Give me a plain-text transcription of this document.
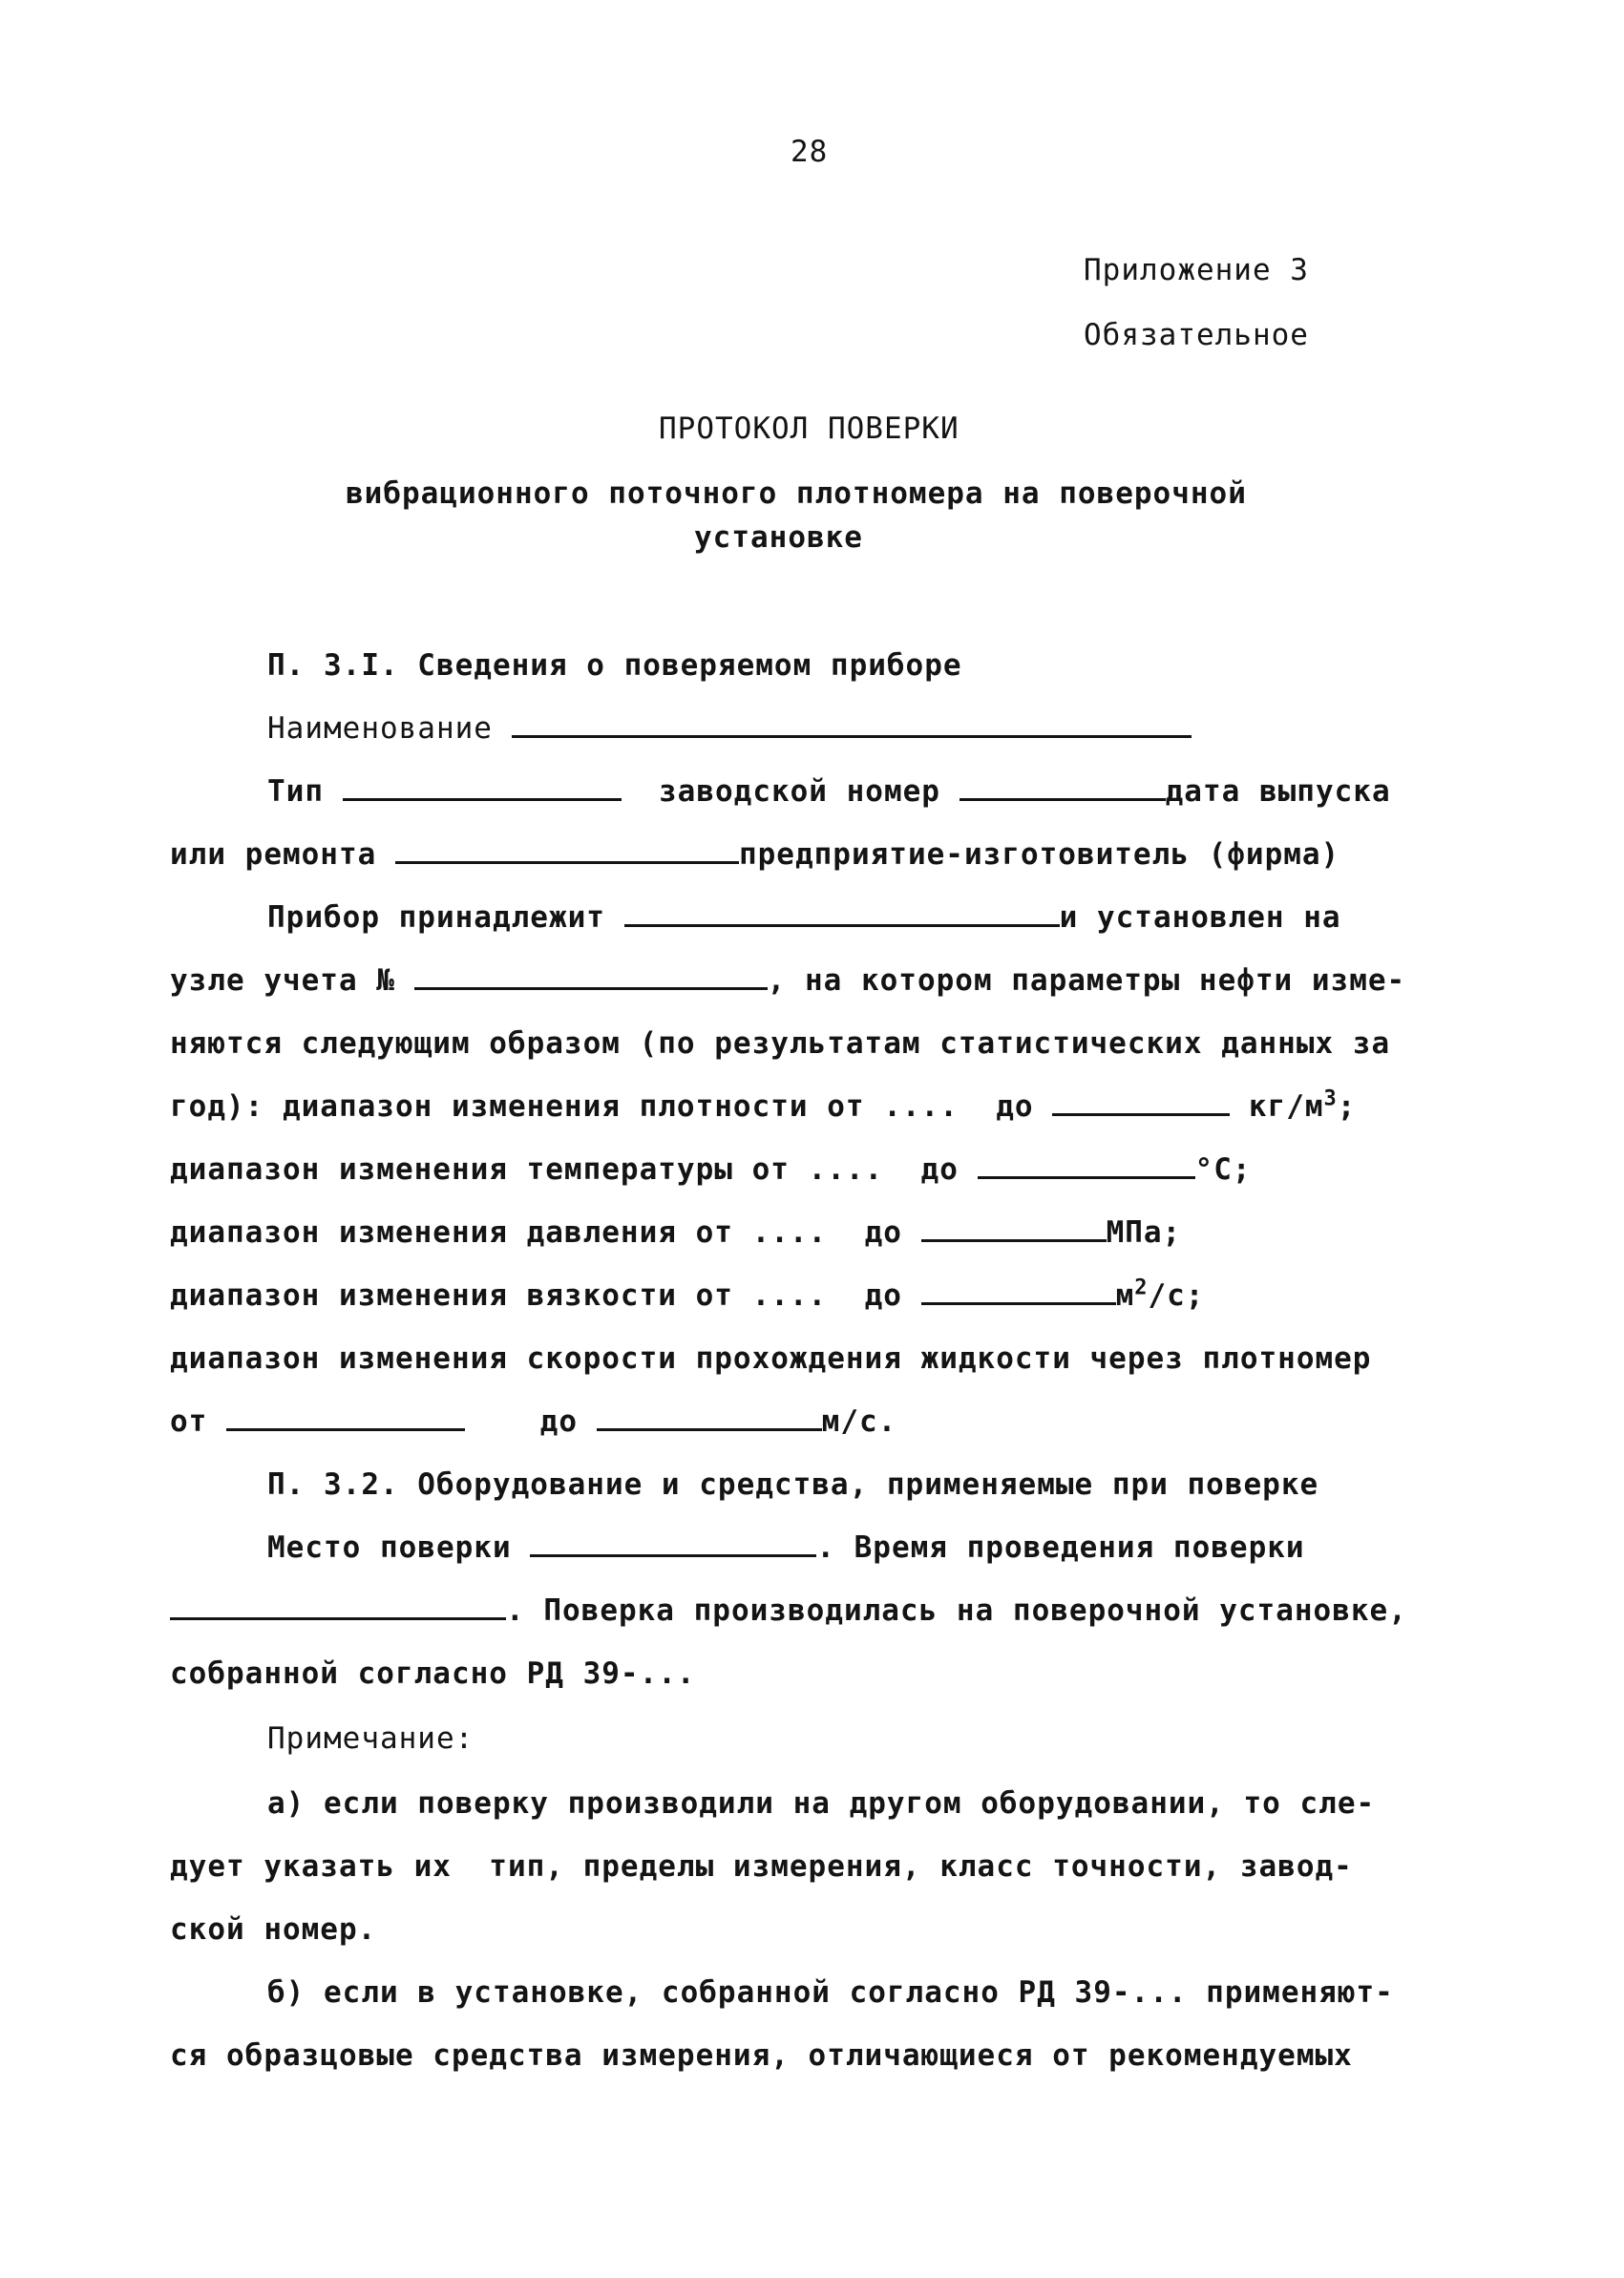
28
Приложение 3
Обязательное
ПРОТОКОЛ ПОВЕРКИ
вибрационного поточного плотномера на поверочной
установке
П. 3.I. Сведения о поверяемом приборе
Наименование
Тип	заводской номер	дата выпуска
или ремонта	предприятие-изготовитель (фирма)
Прибор принадлежит	и установлен на
узле учета №	, на котором параметры нефти изме-
няются следующим образом (по результатам статистических данных за
год): диапазон изменения плотности от .... до	$кг/м^3$;
диапазон изменения температуры от .... до	°С;
диапазон изменения давления от .... до	МПа;
диапазон изменения вязкости от .... до	$м^2/с$;
диапазон изменения скорости прохождения жидкости через плотномер
от	до	м/с.
П. 3.2. Оборудование и средства, применяемые при поверке
Место поверки	. Время проведения поверки
. Поверка производилась на поверочной установке,
собранной согласно РД 39-...
Примечание:
а) если поверку производили на другом оборудовании, то сле-
дует указать их  тип, пределы измерения, класс точности, завод-
ской номер.
б) если в установке, собранной согласно РД 39-... применяют-
ся образцовые средства измерения, отличающиеся от рекомендуемых
